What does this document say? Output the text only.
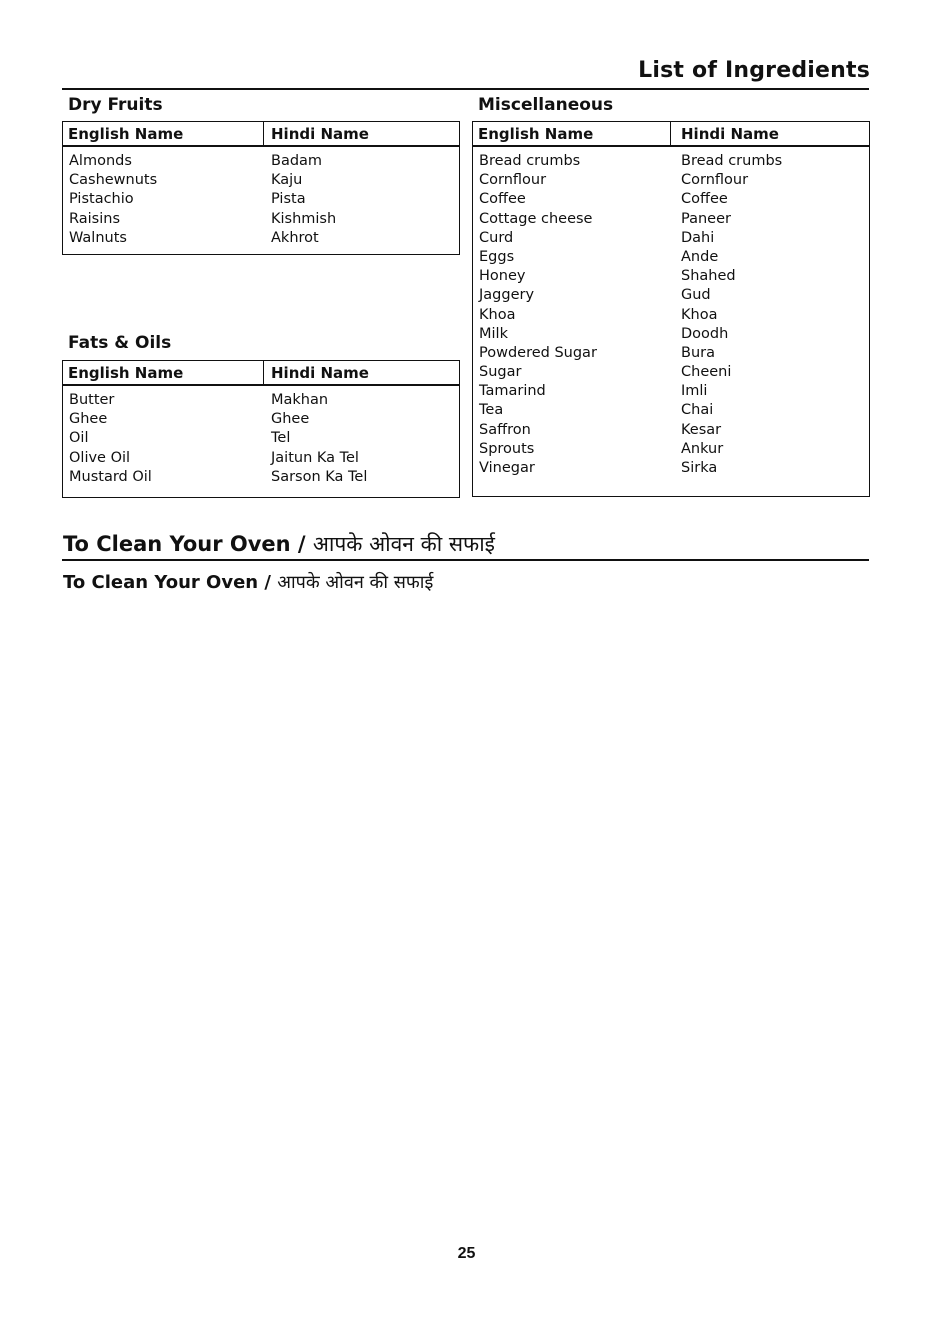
List of Ingredients
Dry Fruits
English Name	Hindi Name
Almonds	Badam
Cashewnuts	Kaju
Pistachio	Pista
Raisins	Kishmish
Walnuts	Akhrot
Fats & Oils
English Name	Hindi Name
Butter	Makhan
Ghee	Ghee
Oil	Tel
Olive Oil	Jaitun Ka Tel
Mustard Oil	Sarson Ka Tel
Miscellaneous
English Name	Hindi Name
Bread crumbs	Bread crumbs
Cornflour	Cornflour
Coffee	Coffee
Cottage cheese	Paneer
Curd	Dahi
Eggs	Ande
Honey	Shahed
Jaggery	Gud
Khoa	Khoa
Milk	Doodh
Powdered Sugar	Bura
Sugar	Cheeni
Tamarind	Imli
Tea	Chai
Saffron	Kesar
Sprouts	Ankur
Vinegar	Sirka
To Clean Your Oven / आपके ओवन की सफाई
To Clean Your Oven / आपके ओवन की सफाई
25
